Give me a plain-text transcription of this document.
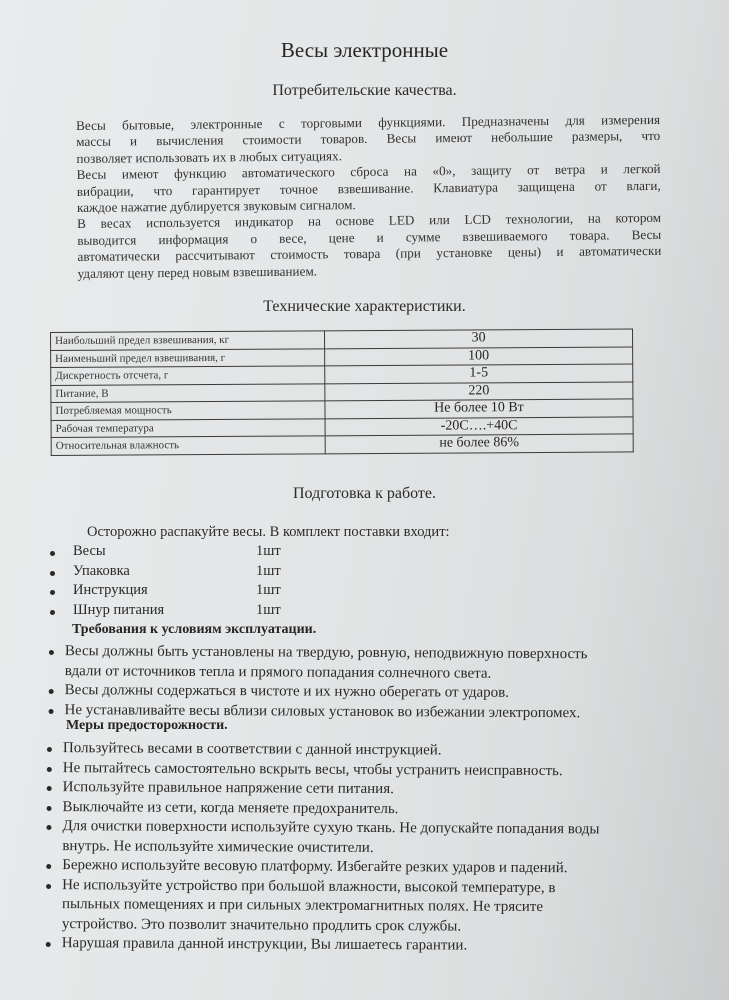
Весы электронные
Потребительские качества.
Весы бытовые, электронные с торговыми функциями. Предназначены для измерения
массы и вычисления стоимости товаров. Весы имеют небольшие размеры, что
позволяет использовать их в любых ситуациях.
Весы имеют функцию автоматического сброса на «0», защиту от ветра и легкой
вибрации, что гарантирует точное взвешивание. Клавиатура защищена от влаги,
каждое нажатие дублируется звуковым сигналом.
В весах используется индикатор на основе LED или LCD технологии, на котором
выводится информация о весе, цене и сумме взвешиваемого товара. Весы
автоматически рассчитывают стоимость товара (при установке цены) и автоматически
удаляют цену перед новым взвешиванием.
Технические характеристики.
Наибольший предел взвешивания, кг	30
Наименьший предел взвешивания, г	100
Дискретность отсчета, г	1-5
Питание, В	220
Потребляемая мощность	Не более 10 Вт
Рабочая температура	-20С….+40С
Относительная влажность	не более 86%
Подготовка к работе.
Осторожно распакуйте весы. В комплект поставки входит:
Весы	1шт
Упаковка	1шт
Инструкция	1шт
Шнур питания	1шт
Требования к условиям эксплуатации.
Весы должны быть установлены на твердую, ровную, неподвижную поверхность
вдали от источников тепла и прямого попадания солнечного света.
Весы должны содержаться в чистоте и их нужно оберегать от ударов.
Не устанавливайте весы вблизи силовых установок во избежании электропомех.
Меры предосторожности.
Пользуйтесь весами в соответствии с данной инструкцией.
Не пытайтесь самостоятельно вскрыть весы, чтобы устранить неисправность.
Используйте правильное напряжение сети питания.
Выключайте из сети, когда меняете предохранитель.
Для очистки поверхности используйте сухую ткань. Не допускайте попадания воды
внутрь. Не используйте химические очистители.
Бережно используйте весовую платформу. Избегайте резких ударов и падений.
Не используйте устройство при большой влажности, высокой температуре, в
пыльных помещениях и при сильных электромагнитных полях. Не трясите
устройство. Это позволит значительно продлить срок службы.
Нарушая правила данной инструкции, Вы лишаетесь гарантии.
